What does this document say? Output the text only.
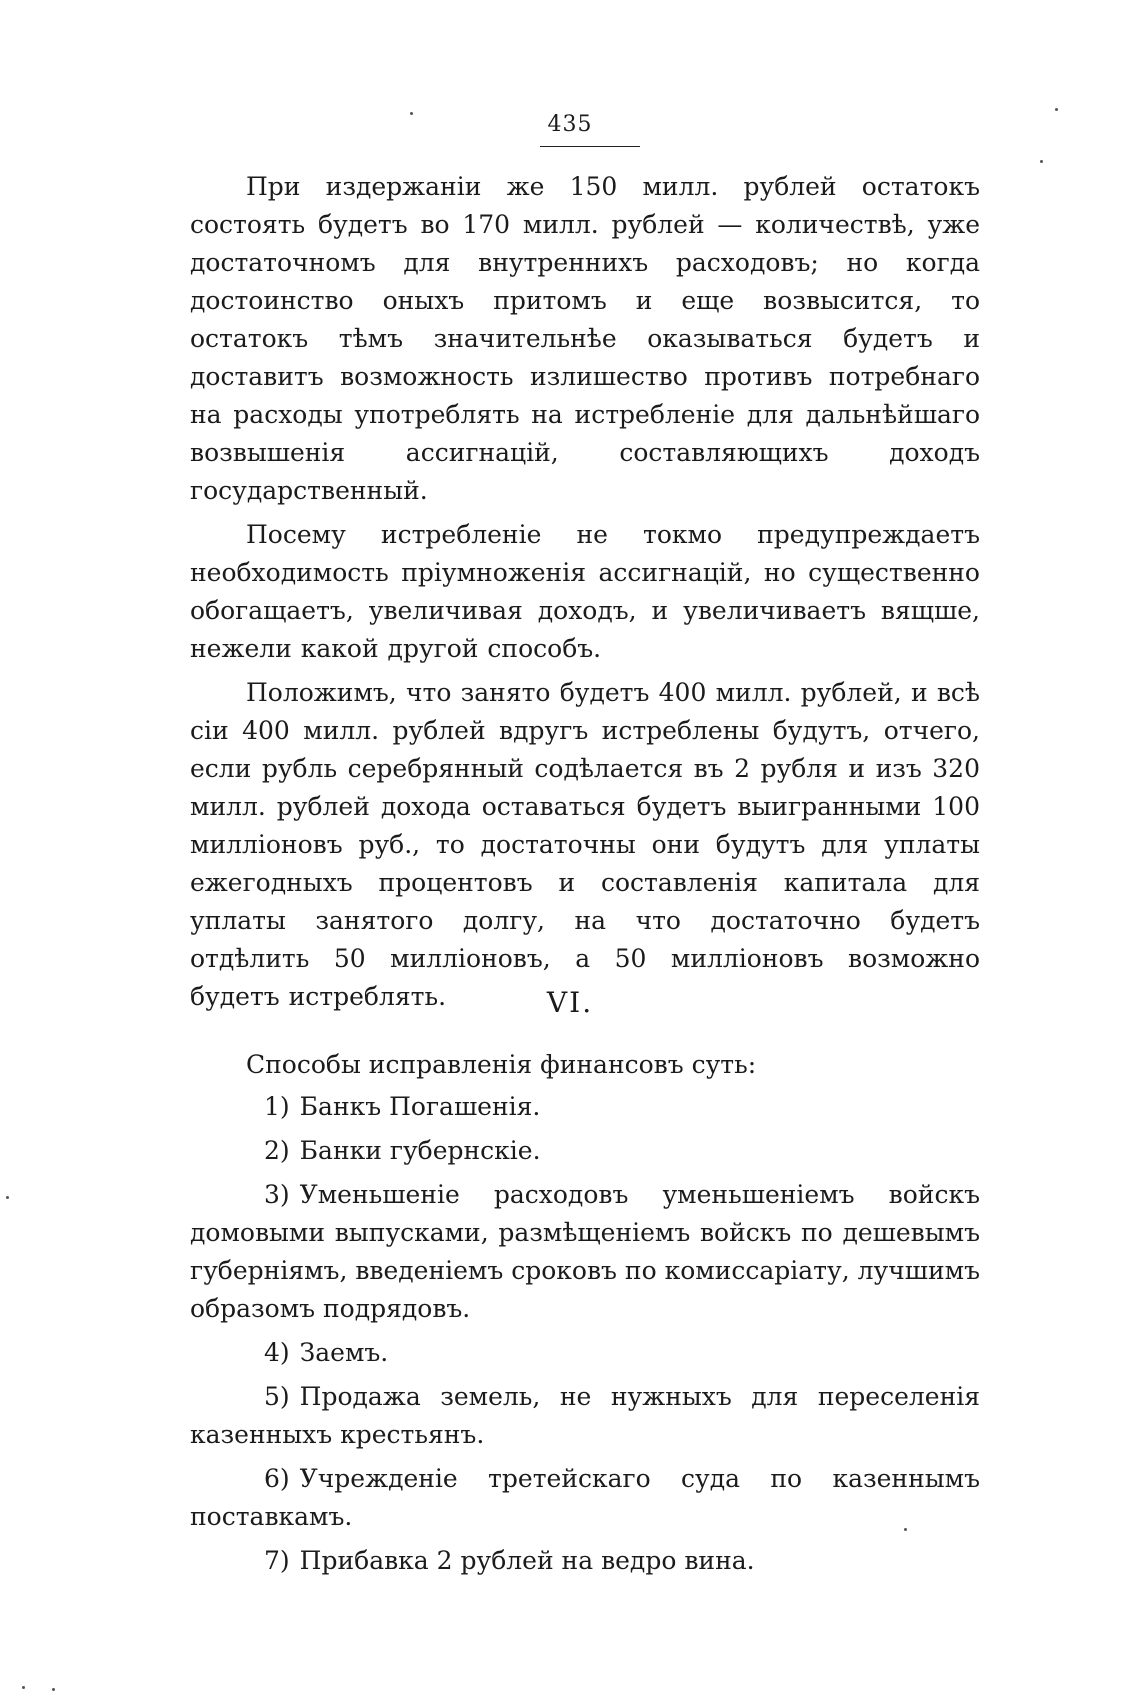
435

При издержаніи же 150 милл. рублей остатокъ состоять будетъ во 170 милл. рублей — количествѣ, уже достаточномъ для внутреннихъ расходовъ; но когда достоинство оныхъ притомъ и еще возвысится, то остатокъ тѣмъ значительнѣе оказываться будетъ и доставитъ возможность излишество противъ потребнаго на расходы употреблять на истребленіе для дальнѣйшаго возвышенія ассигнацій, составляющихъ доходъ государственный.

Посему истребленіе не токмо предупреждаетъ необходимость пріумноженія ассигнацій, но существенно обогащаетъ, увеличивая доходъ, и увеличиваетъ вящше, нежели какой другой способъ.

Положимъ, что занято будетъ 400 милл. рублей, и всѣ сіи 400 милл. рублей вдругъ истреблены будутъ, отчего, если рубль серебрянный содѣлается въ 2 рубля и изъ 320 милл. рублей дохода оставаться будетъ выигранными 100 милліоновъ руб., то достаточны они будутъ для уплаты ежегодныхъ процентовъ и составленія капитала для уплаты занятого долгу, на что достаточно будетъ отдѣлить 50 милліоновъ, а 50 милліоновъ возможно будетъ истреблять.	VI.

Способы исправленія финансовъ суть:

1) Банкъ Погашенія.
2) Банки губернскіе.
3) Уменьшеніе расходовъ уменьшеніемъ войскъ домовыми выпусками, размѣщеніемъ войскъ по дешевымъ губерніямъ, введеніемъ сроковъ по комиссаріату, лучшимъ образомъ подрядовъ.
4) Заемъ.
5) Продажа земель, не нужныхъ для переселенія казенныхъ крестьянъ.
6) Учрежденіе третейскаго суда по казеннымъ поставкамъ.
7) Прибавка 2 рублей на ведро вина.
